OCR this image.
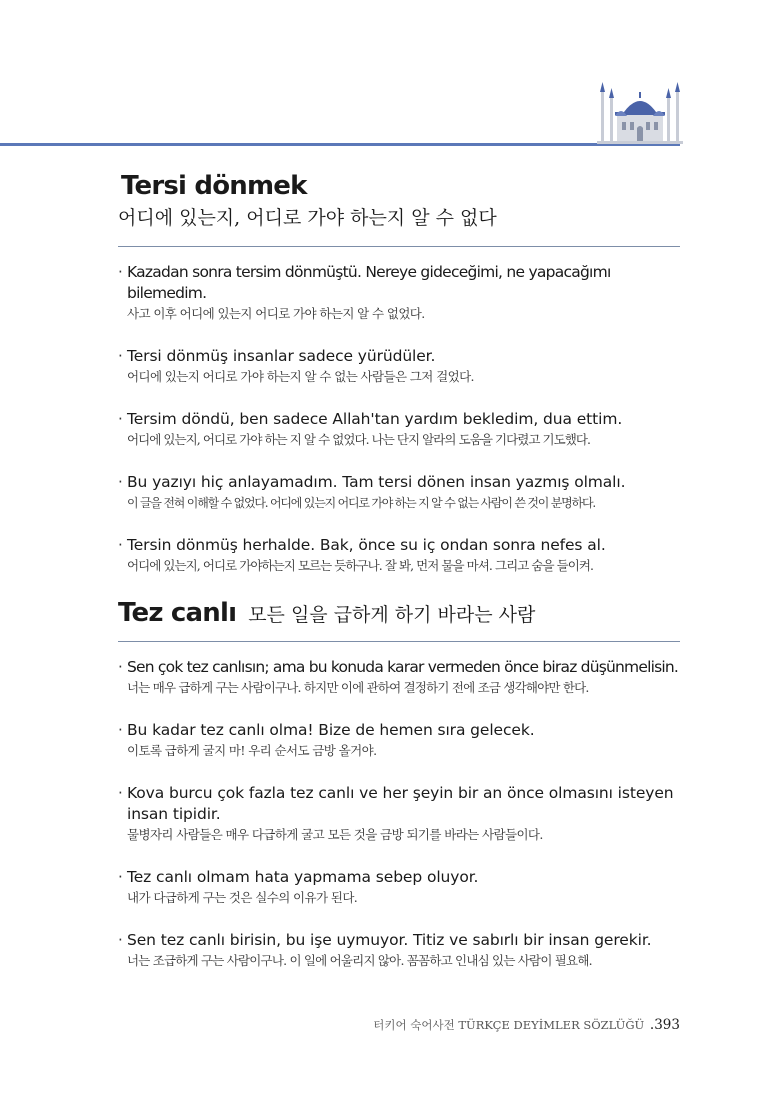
Tersi dönmek
어디에 있는지, 어디로 가야 하는지 알 수 없다
· Kazadan sonra tersim dönmüştü. Nereye gideceğimi, ne yapacağımı bilemedim.
사고 이후 어디에 있는지 어디로 가야 하는지 알 수 없었다.
· Tersi dönmüş insanlar sadece yürüdüler.
어디에 있는지 어디로 가야 하는지 알 수 없는 사람들은 그저 걸었다.
· Tersim döndü, ben sadece Allah'tan yardım bekledim, dua ettim.
어디에 있는지, 어디로 가야 하는 지 알 수 없었다. 나는 단지 알라의 도움을 기다렸고 기도했다.
· Bu yazıyı hiç anlayamadım. Tam tersi dönen insan yazmış olmalı.
이 글을 전혀 이해할 수 없었다. 어디에 있는지 어디로 가야 하는 지 알 수 없는 사람이 쓴 것이 분명하다.
· Tersin dönmüş herhalde. Bak, önce su iç ondan sonra nefes al.
어디에 있는지, 어디로 가야하는지 모르는 듯하구나. 잘 봐, 먼저 물을 마셔. 그리고 숨을 들이켜.
Tez canlı 모든 일을 급하게 하기 바라는 사람
· Sen çok tez canlısın; ama bu konuda karar vermeden önce biraz düşünmelisin.
너는 매우 급하게 구는 사람이구나. 하지만 이에 관하여 결정하기 전에 조금 생각해야만 한다.
· Bu kadar tez canlı olma! Bize de hemen sıra gelecek.
이토록 급하게 굴지 마! 우리 순서도 금방 올거야.
· Kova burcu çok fazla tez canlı ve her şeyin bir an önce olmasını isteyen insan tipidir.
물병자리 사람들은 매우 다급하게 굴고 모든 것을 금방 되기를 바라는 사람들이다.
· Tez canlı olmam hata yapmama sebep oluyor.
내가 다급하게 구는 것은 실수의 이유가 된다.
· Sen tez canlı birisin, bu işe uymuyor. Titiz ve sabırlı bir insan gerekir.
너는 조급하게 구는 사람이구나. 이 일에 어울리지 않아. 꼼꼼하고 인내심 있는 사람이 필요해.
터키어 숙어사전 TÜRKÇE DEYİMLER SÖZLÜĞÜ .393
